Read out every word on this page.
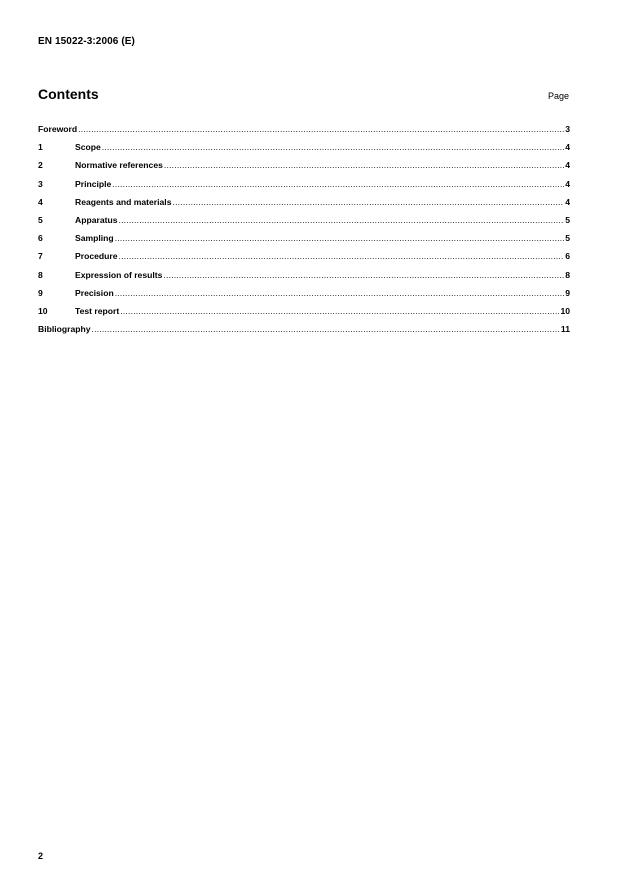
EN 15022-3:2006 (E)
Contents	Page
Foreword .....	3
1	Scope .....	4
2	Normative references .....	4
3	Principle .....	4
4	Reagents and materials .....	4
5	Apparatus .....	5
6	Sampling .....	5
7	Procedure .....	6
8	Expression of results .....	8
9	Precision .....	9
10	Test report .....	10
Bibliography .....	11
2
